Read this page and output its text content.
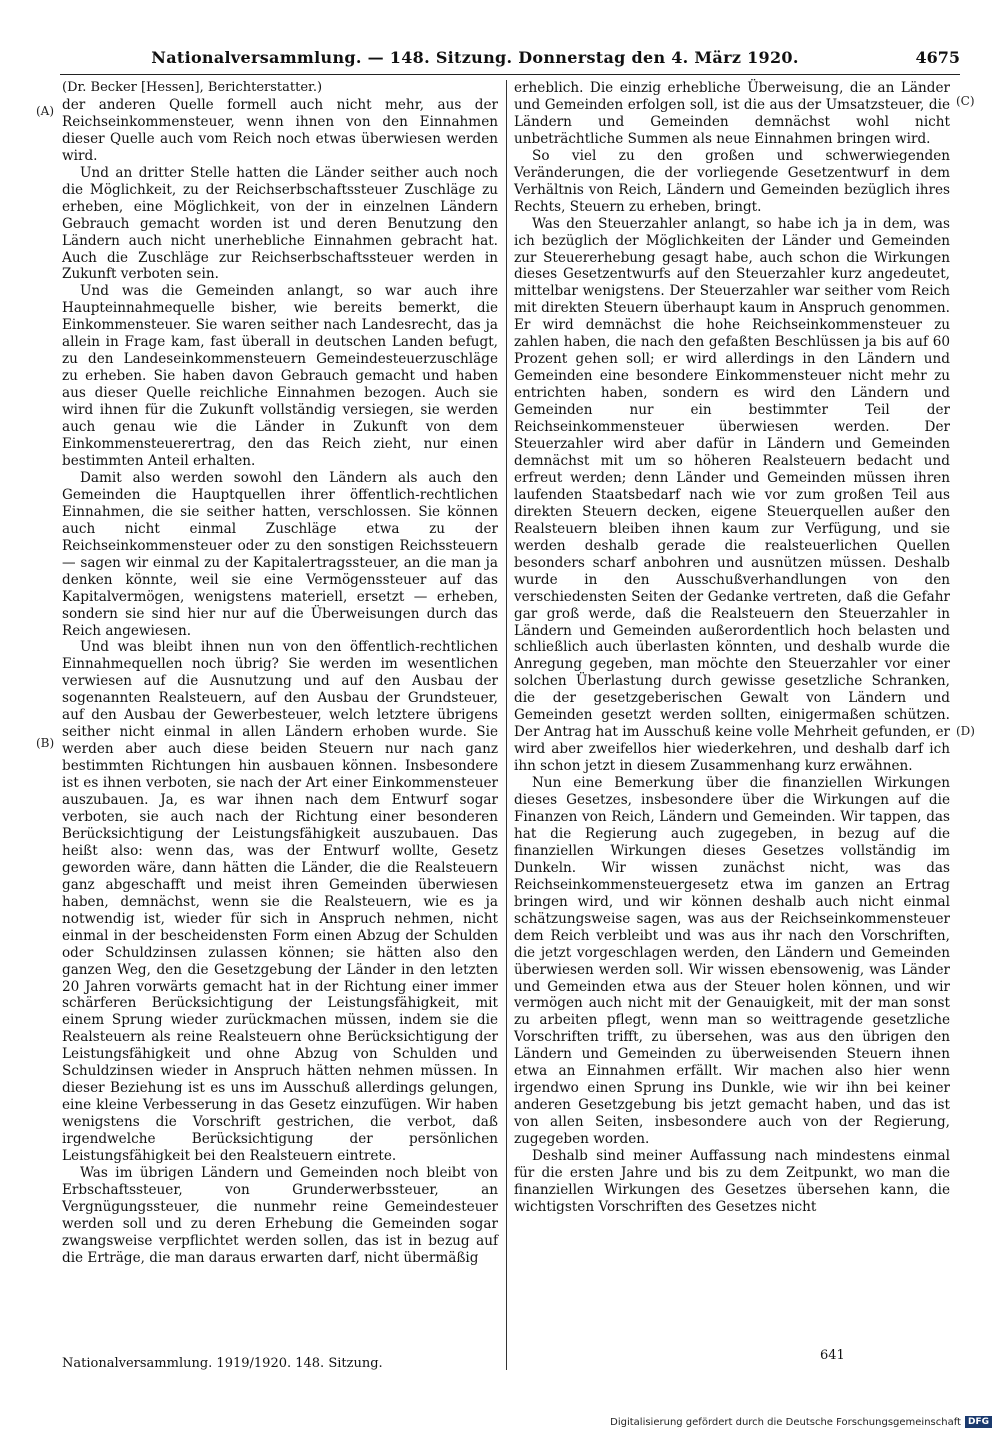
Nationalversammlung. — 148. Sitzung. Donnerstag den 4. März 1920.	4675
(A)
(B)
(C)
(D)

(Dr. Becker [Hessen], Berichterstatter.)

der anderen Quelle formell auch nicht mehr, aus der Reichseinkommensteuer, wenn ihnen von den Einnahmen dieser Quelle auch vom Reich noch etwas überwiesen werden wird.

Und an dritter Stelle hatten die Länder seither auch noch die Möglichkeit, zu der Reichserbschaftssteuer Zuschläge zu erheben, eine Möglichkeit, von der in einzelnen Ländern Gebrauch gemacht worden ist und deren Benutzung den Ländern auch nicht unerhebliche Einnahmen gebracht hat. Auch die Zuschläge zur Reichserbschaftssteuer werden in Zukunft verboten sein.

Und was die Gemeinden anlangt, so war auch ihre Haupteinnahmequelle bisher, wie bereits bemerkt, die Einkommensteuer. Sie waren seither nach Landesrecht, das ja allein in Frage kam, fast überall in deutschen Landen befugt, zu den Landeseinkommensteuern Gemeindesteuerzuschläge zu erheben. Sie haben davon Gebrauch gemacht und haben aus dieser Quelle reichliche Einnahmen bezogen. Auch sie wird ihnen für die Zukunft vollständig versiegen, sie werden auch genau wie die Länder in Zukunft von dem Einkommensteuerertrag, den das Reich zieht, nur einen bestimmten Anteil erhalten.

Damit also werden sowohl den Ländern als auch den Gemeinden die Hauptquellen ihrer öffentlich-rechtlichen Einnahmen, die sie seither hatten, verschlossen. Sie können auch nicht einmal Zuschläge etwa zu der Reichseinkommensteuer oder zu den sonstigen Reichssteuern — sagen wir einmal zu der Kapitalertragssteuer, an die man ja denken könnte, weil sie eine Vermögenssteuer auf das Kapitalvermögen, wenigstens materiell, ersetzt — erheben, sondern sie sind hier nur auf die Überweisungen durch das Reich angewiesen.

Und was bleibt ihnen nun von den öffentlich-rechtlichen Einnahmequellen noch übrig? Sie werden im wesentlichen verwiesen auf die Ausnutzung und auf den Ausbau der sogenannten Realsteuern, auf den Ausbau der Grundsteuer, auf den Ausbau der Gewerbesteuer, welch letztere übrigens seither nicht einmal in allen Ländern erhoben wurde. Sie werden aber auch diese beiden Steuern nur nach ganz bestimmten Richtungen hin ausbauen können. Insbesondere ist es ihnen verboten, sie nach der Art einer Einkommensteuer auszubauen. Ja, es war ihnen nach dem Entwurf sogar verboten, sie auch nach der Richtung einer besonderen Berücksichtigung der Leistungsfähigkeit auszubauen. Das heißt also: wenn das, was der Entwurf wollte, Gesetz geworden wäre, dann hätten die Länder, die die Realsteuern ganz abgeschafft und meist ihren Gemeinden überwiesen haben, demnächst, wenn sie die Realsteuern, wie es ja notwendig ist, wieder für sich in Anspruch nehmen, nicht einmal in der bescheidensten Form einen Abzug der Schulden oder Schuldzinsen zulassen können; sie hätten also den ganzen Weg, den die Gesetzgebung der Länder in den letzten 20 Jahren vorwärts gemacht hat in der Richtung einer immer schärferen Berücksichtigung der Leistungsfähigkeit, mit einem Sprung wieder zurückmachen müssen, indem sie die Realsteuern als reine Realsteuern ohne Berücksichtigung der Leistungsfähigkeit und ohne Abzug von Schulden und Schuldzinsen wieder in Anspruch hätten nehmen müssen. In dieser Beziehung ist es uns im Ausschuß allerdings gelungen, eine kleine Verbesserung in das Gesetz einzufügen. Wir haben wenigstens die Vorschrift gestrichen, die verbot, daß irgendwelche Berücksichtigung der persönlichen Leistungsfähigkeit bei den Realsteuern eintrete.

Was im übrigen Ländern und Gemeinden noch bleibt von Erbschaftssteuer, von Grunderwerbssteuer, an Vergnügungssteuer, die nunmehr reine Gemeindesteuer werden soll und zu deren Erhebung die Gemeinden sogar zwangsweise verpflichtet werden sollen, das ist in bezug auf die Erträge, die man daraus erwarten darf, nicht übermäßig

erheblich. Die einzig erhebliche Überweisung, die an Länder und Gemeinden erfolgen soll, ist die aus der Umsatzsteuer, die Ländern und Gemeinden demnächst wohl nicht unbeträchtliche Summen als neue Einnahmen bringen wird.

So viel zu den großen und schwerwiegenden Veränderungen, die der vorliegende Gesetzentwurf in dem Verhältnis von Reich, Ländern und Gemeinden bezüglich ihres Rechts, Steuern zu erheben, bringt.

Was den Steuerzahler anlangt, so habe ich ja in dem, was ich bezüglich der Möglichkeiten der Länder und Gemeinden zur Steuererhebung gesagt habe, auch schon die Wirkungen dieses Gesetzentwurfs auf den Steuerzahler kurz angedeutet, mittelbar wenigstens. Der Steuerzahler war seither vom Reich mit direkten Steuern überhaupt kaum in Anspruch genommen. Er wird demnächst die hohe Reichseinkommensteuer zu zahlen haben, die nach den gefaßten Beschlüssen ja bis auf 60 Prozent gehen soll; er wird allerdings in den Ländern und Gemeinden eine besondere Einkommensteuer nicht mehr zu entrichten haben, sondern es wird den Ländern und Gemeinden nur ein bestimmter Teil der Reichseinkommensteuer überwiesen werden. Der Steuerzahler wird aber dafür in Ländern und Gemeinden demnächst mit um so höheren Realsteuern bedacht und erfreut werden; denn Länder und Gemeinden müssen ihren laufenden Staatsbedarf nach wie vor zum großen Teil aus direkten Steuern decken, eigene Steuerquellen außer den Realsteuern bleiben ihnen kaum zur Verfügung, und sie werden deshalb gerade die realsteuerlichen Quellen besonders scharf anbohren und ausnützen müssen. Deshalb wurde in den Ausschußverhandlungen von den verschiedensten Seiten der Gedanke vertreten, daß die Gefahr gar groß werde, daß die Realsteuern den Steuerzahler in Ländern und Gemeinden außerordentlich hoch belasten und schließlich auch überlasten könnten, und deshalb wurde die Anregung gegeben, man möchte den Steuerzahler vor einer solchen Überlastung durch gewisse gesetzliche Schranken, die der gesetzgeberischen Gewalt von Ländern und Gemeinden gesetzt werden sollten, einigermaßen schützen. Der Antrag hat im Ausschuß keine volle Mehrheit gefunden, er wird aber zweifellos hier wiederkehren, und deshalb darf ich ihn schon jetzt in diesem Zusammenhang kurz erwähnen.

Nun eine Bemerkung über die finanziellen Wirkungen dieses Gesetzes, insbesondere über die Wirkungen auf die Finanzen von Reich, Ländern und Gemeinden. Wir tappen, das hat die Regierung auch zugegeben, in bezug auf die finanziellen Wirkungen dieses Gesetzes vollständig im Dunkeln. Wir wissen zunächst nicht, was das Reichseinkommensteuergesetz etwa im ganzen an Ertrag bringen wird, und wir können deshalb auch nicht einmal schätzungsweise sagen, was aus der Reichseinkommensteuer dem Reich verbleibt und was aus ihr nach den Vorschriften, die jetzt vorgeschlagen werden, den Ländern und Gemeinden überwiesen werden soll. Wir wissen ebensowenig, was Länder und Gemeinden etwa aus der Steuer holen können, und wir vermögen auch nicht mit der Genauigkeit, mit der man sonst zu arbeiten pflegt, wenn man so weittragende gesetzliche Vorschriften trifft, zu übersehen, was aus den übrigen den Ländern und Gemeinden zu überweisenden Steuern ihnen etwa an Einnahmen erfällt. Wir machen also hier wenn irgendwo einen Sprung ins Dunkle, wie wir ihn bei keiner anderen Gesetzgebung bis jetzt gemacht haben, und das ist von allen Seiten, insbesondere auch von der Regierung, zugegeben worden.

Deshalb sind meiner Auffassung nach mindestens einmal für die ersten Jahre und bis zu dem Zeitpunkt, wo man die finanziellen Wirkungen des Gesetzes übersehen kann, die wichtigsten Vorschriften des Gesetzes nicht

Nationalversammlung. 1919/1920. 148. Sitzung.
641
Digitalisierung gefördert durch die Deutsche Forschungsgemeinschaft DFG
